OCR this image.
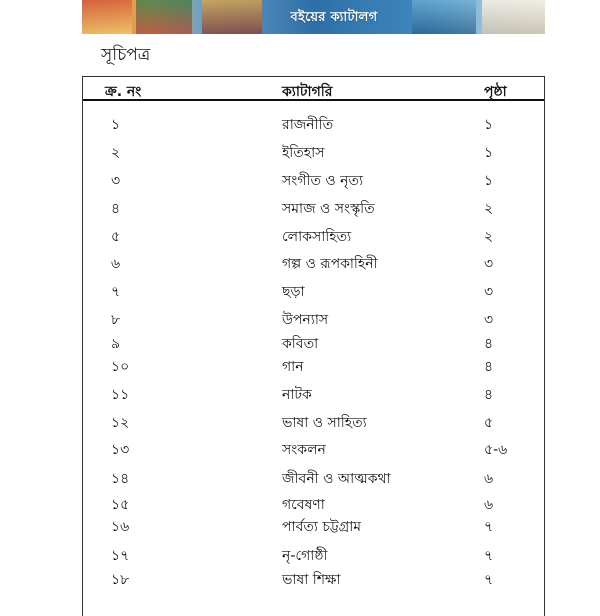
বইয়ের ক্যাটালগ
সূচিপত্র
ক্র. নং	ক্যাটাগরি	পৃষ্ঠা
১	রাজনীতি	১
২	ইতিহাস	১
৩	সংগীত ও নৃত্য	১
৪	সমাজ ও সংস্কৃতি	২
৫	লোকসাহিত্য	২
৬	গল্প ও রূপকাহিনী	৩
৭	ছড়া	৩
৮	উপন্যাস	৩
৯	কবিতা	৪
১০	গান	৪
১১	নাটক	৪
১২	ভাষা ও সাহিত্য	৫
১৩	সংকলন	৫-৬
১৪	জীবনী ও আত্মকথা	৬
১৫	গবেষণা	৬
১৬	পার্বত্য চট্টগ্রাম	৭
১৭	নৃ-গোষ্ঠী	৭
১৮	ভাষা শিক্ষা	৭
